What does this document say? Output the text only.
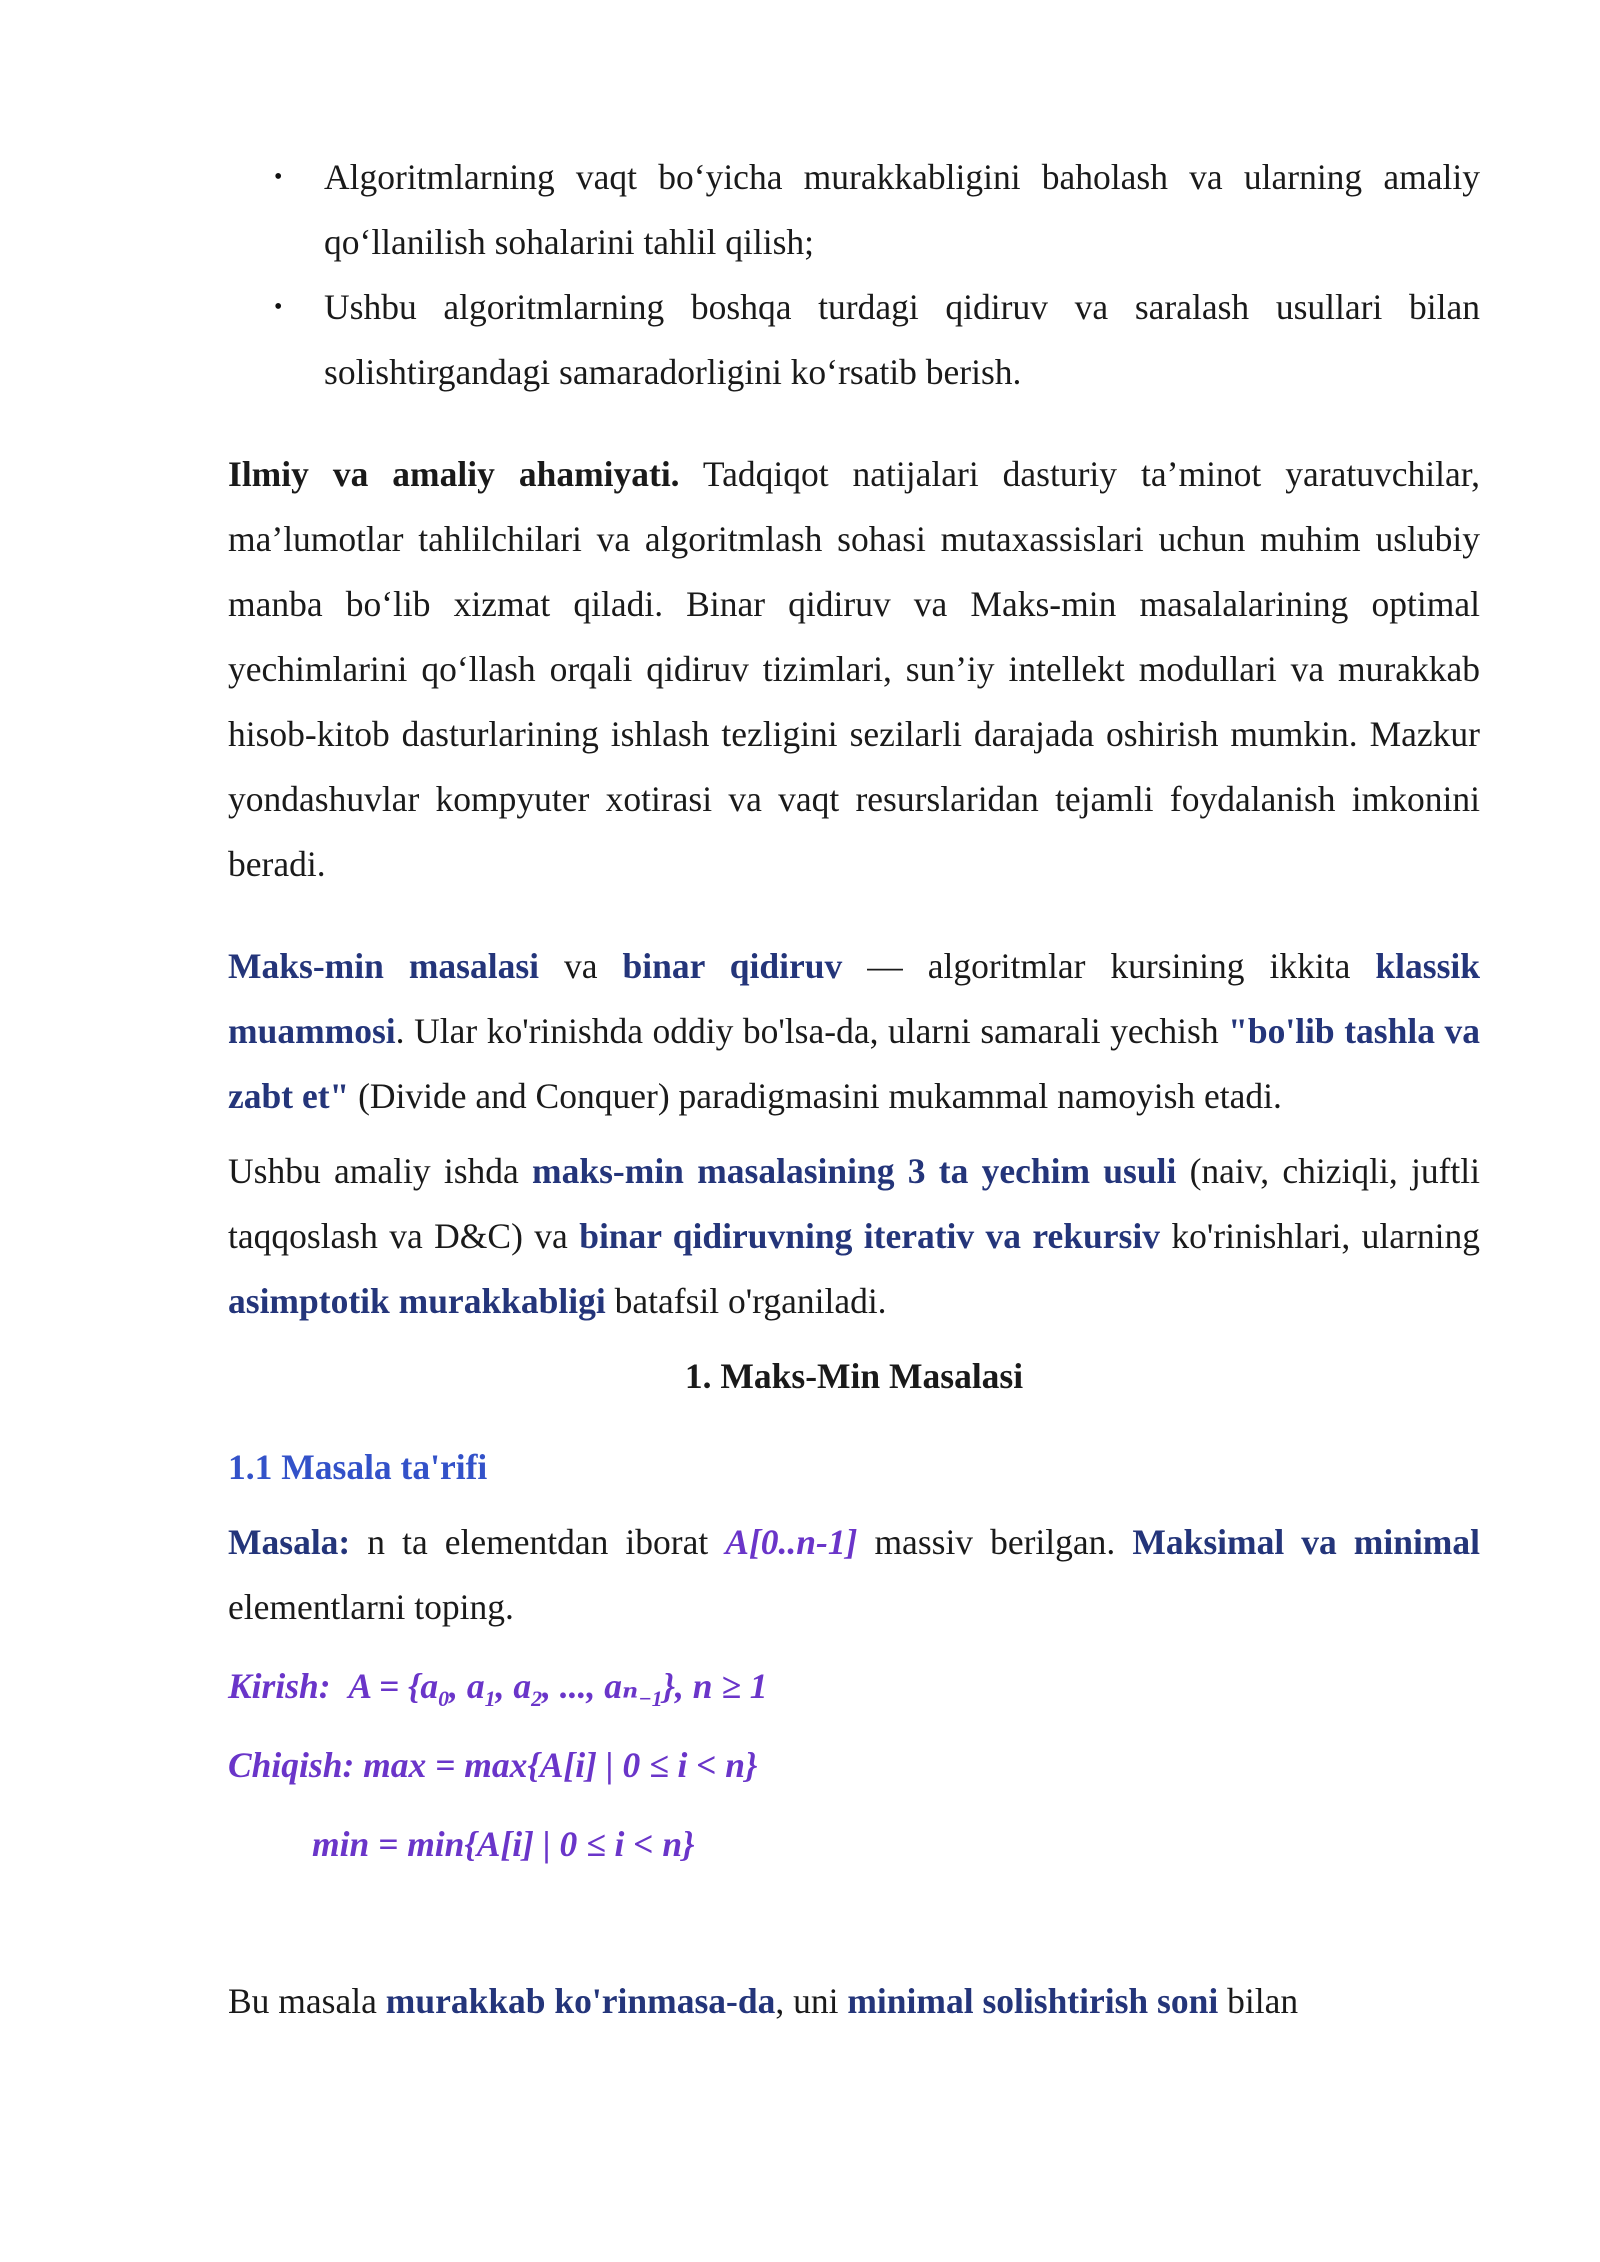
• Algoritmlarning vaqt bo‘yicha murakkabligini baholash va ularning amaliy qo‘llanilish sohalarini tahlil qilish;
• Ushbu algoritmlarning boshqa turdagi qidiruv va saralash usullari bilan solishtirgandagi samaradorligini ko‘rsatib berish.

Ilmiy va amaliy ahamiyati. Tadqiqot natijalari dasturiy ta’minot yaratuvchilar, ma’lumotlar tahlilchilari va algoritmlash sohasi mutaxassislari uchun muhim uslubiy manba bo‘lib xizmat qiladi. Binar qidiruv va Maks-min masalalarining optimal yechimlarini qo‘llash orqali qidiruv tizimlari, sun’iy intellekt modullari va murakkab hisob-kitob dasturlarining ishlash tezligini sezilarli darajada oshirish mumkin. Mazkur yondashuvlar kompyuter xotirasi va vaqt resurslaridan tejamli foydalanish imkonini beradi.

Maks-min masalasi va binar qidiruv — algoritmlar kursining ikkita klassik muammosi. Ular ko'rinishda oddiy bo'lsa-da, ularni samarali yechish "bo'lib tashla va zabt et" (Divide and Conquer) paradigmasini mukammal namoyish etadi.

Ushbu amaliy ishda maks-min masalasining 3 ta yechim usuli (naiv, chiziqli, juftli taqqoslash va D&C) va binar qidiruvning iterativ va rekursiv ko'rinishlari, ularning asimptotik murakkabligi batafsil o'rganiladi.

1. Maks-Min Masalasi
1.1 Masala ta'rifi

Masala: n ta elementdan iborat A[0..n-1] massiv berilgan. Maksimal va minimal elementlarni toping.

Kirish: $A = \{a_0$, $a_1$, $a_2$, ..., aₙ$_{-1}$}, n ≥ 1
Chiqish: max = max{A[i] | 0 ≤ i < n}
min = min{A[i] | 0 ≤ i < n}

Bu masala murakkab ko'rinmasa-da, uni minimal solishtirish soni bilan
